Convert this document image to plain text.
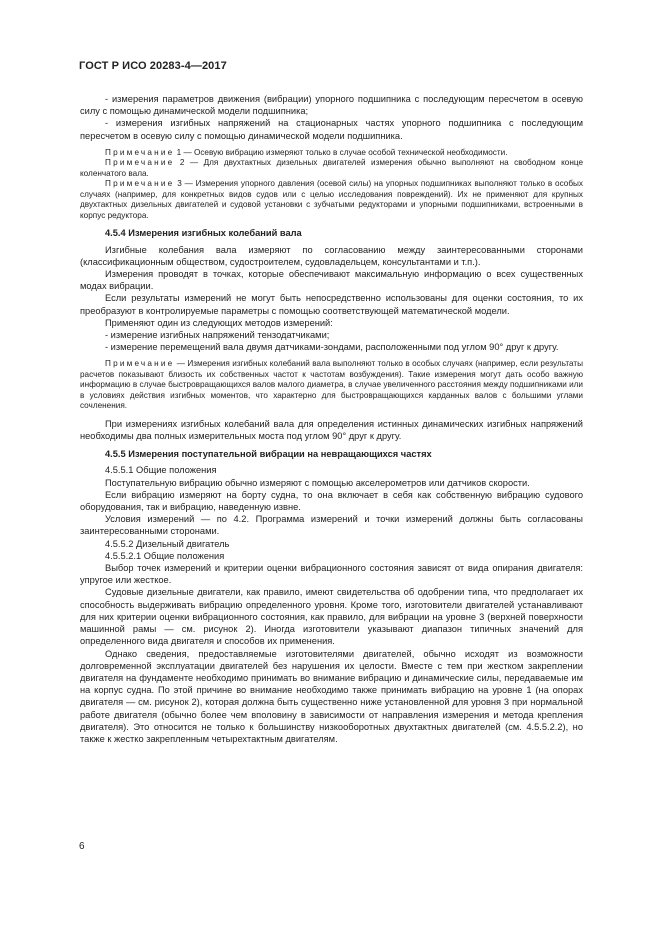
ГОСТ Р ИСО 20283-4—2017

- измерения параметров движения (вибрации) упорного подшипника с последующим пересчетом в осевую силу с помощью динамической модели подшипника;

- измерения изгибных напряжений на стационарных частях упорного подшипника с последующим пересчетом в осевую силу с помощью динамической модели подшипника.

Примечание 1 — Осевую вибрацию измеряют только в случае особой технической необходимости.

Примечание 2 — Для двухтактных дизельных двигателей измерения обычно выполняют на свободном конце коленчатого вала.

Примечание 3 — Измерения упорного давления (осевой силы) на упорных подшипниках выполняют только в особых случаях (например, для конкретных видов судов или с целью исследования повреждений). Их не применяют для крупных двухтактных дизельных двигателей и судовой установки с зубчатыми редукторами и упорными подшипниками, встроенными в корпус редуктора.

4.5.4 Измерения изгибных колебаний вала

Изгибные колебания вала измеряют по согласованию между заинтересованными сторонами (классификационным обществом, судостроителем, судовладельцем, консультантами и т.п.).

Измерения проводят в точках, которые обеспечивают максимальную информацию о всех существенных модах вибрации.

Если результаты измерений не могут быть непосредственно использованы для оценки состояния, то их преобразуют в контролируемые параметры с помощью соответствующей математической модели.

Применяют один из следующих методов измерений:

- измерение изгибных напряжений тензодатчиками;

- измерение перемещений вала двумя датчиками-зондами, расположенными под углом 90° друг к другу.

Примечание — Измерения изгибных колебаний вала выполняют только в особых случаях (например, если результаты расчетов показывают близость их собственных частот к частотам возбуждения). Такие измерения могут дать особо важную информацию в случае быстровращающихся валов малого диаметра, в случае увеличенного расстояния между подшипниками или в условиях действия изгибных моментов, что характерно для быстровращающихся карданных валов с большими углами сочленения.

При измерениях изгибных колебаний вала для определения истинных динамических изгибных напряжений необходимы два полных измерительных моста под углом 90° друг к другу.

4.5.5 Измерения поступательной вибрации на невращающихся частях

4.5.5.1 Общие положения

Поступательную вибрацию обычно измеряют с помощью акселерометров или датчиков скорости.

Если вибрацию измеряют на борту судна, то она включает в себя как собственную вибрацию судового оборудования, так и вибрацию, наведенную извне.

Условия измерений — по 4.2. Программа измерений и точки измерений должны быть согласованы заинтересованными сторонами.

4.5.5.2 Дизельный двигатель

4.5.5.2.1 Общие положения

Выбор точек измерений и критерии оценки вибрационного состояния зависят от вида опирания двигателя: упругое или жесткое.

Судовые дизельные двигатели, как правило, имеют свидетельства об одобрении типа, что предполагает их способность выдерживать вибрацию определенного уровня. Кроме того, изготовители двигателей устанавливают для них критерии оценки вибрационного состояния, как правило, для вибрации на уровне 3 (верхней поверхности машинной рамы — см. рисунок 2). Иногда изготовители указывают диапазон типичных значений для определенного вида двигателя и способов их применения.

Однако сведения, предоставляемые изготовителями двигателей, обычно исходят из возможности долговременной эксплуатации двигателей без нарушения их целости. Вместе с тем при жестком закреплении двигателя на фундаменте необходимо принимать во внимание вибрацию и динамические силы, передаваемые им на корпус судна. По этой причине во внимание необходимо также принимать вибрацию на уровне 1 (на опорах двигателя — см. рисунок 2), которая должна быть существенно ниже установленной для уровня 3 при нормальной работе двигателя (обычно более чем вполовину в зависимости от направления измерения и метода крепления двигателя). Это относится не только к большинству низкооборотных двухтактных двигателей (см. 4.5.5.2.2), но также к жестко закрепленным четырехтактным двигателям.

6
